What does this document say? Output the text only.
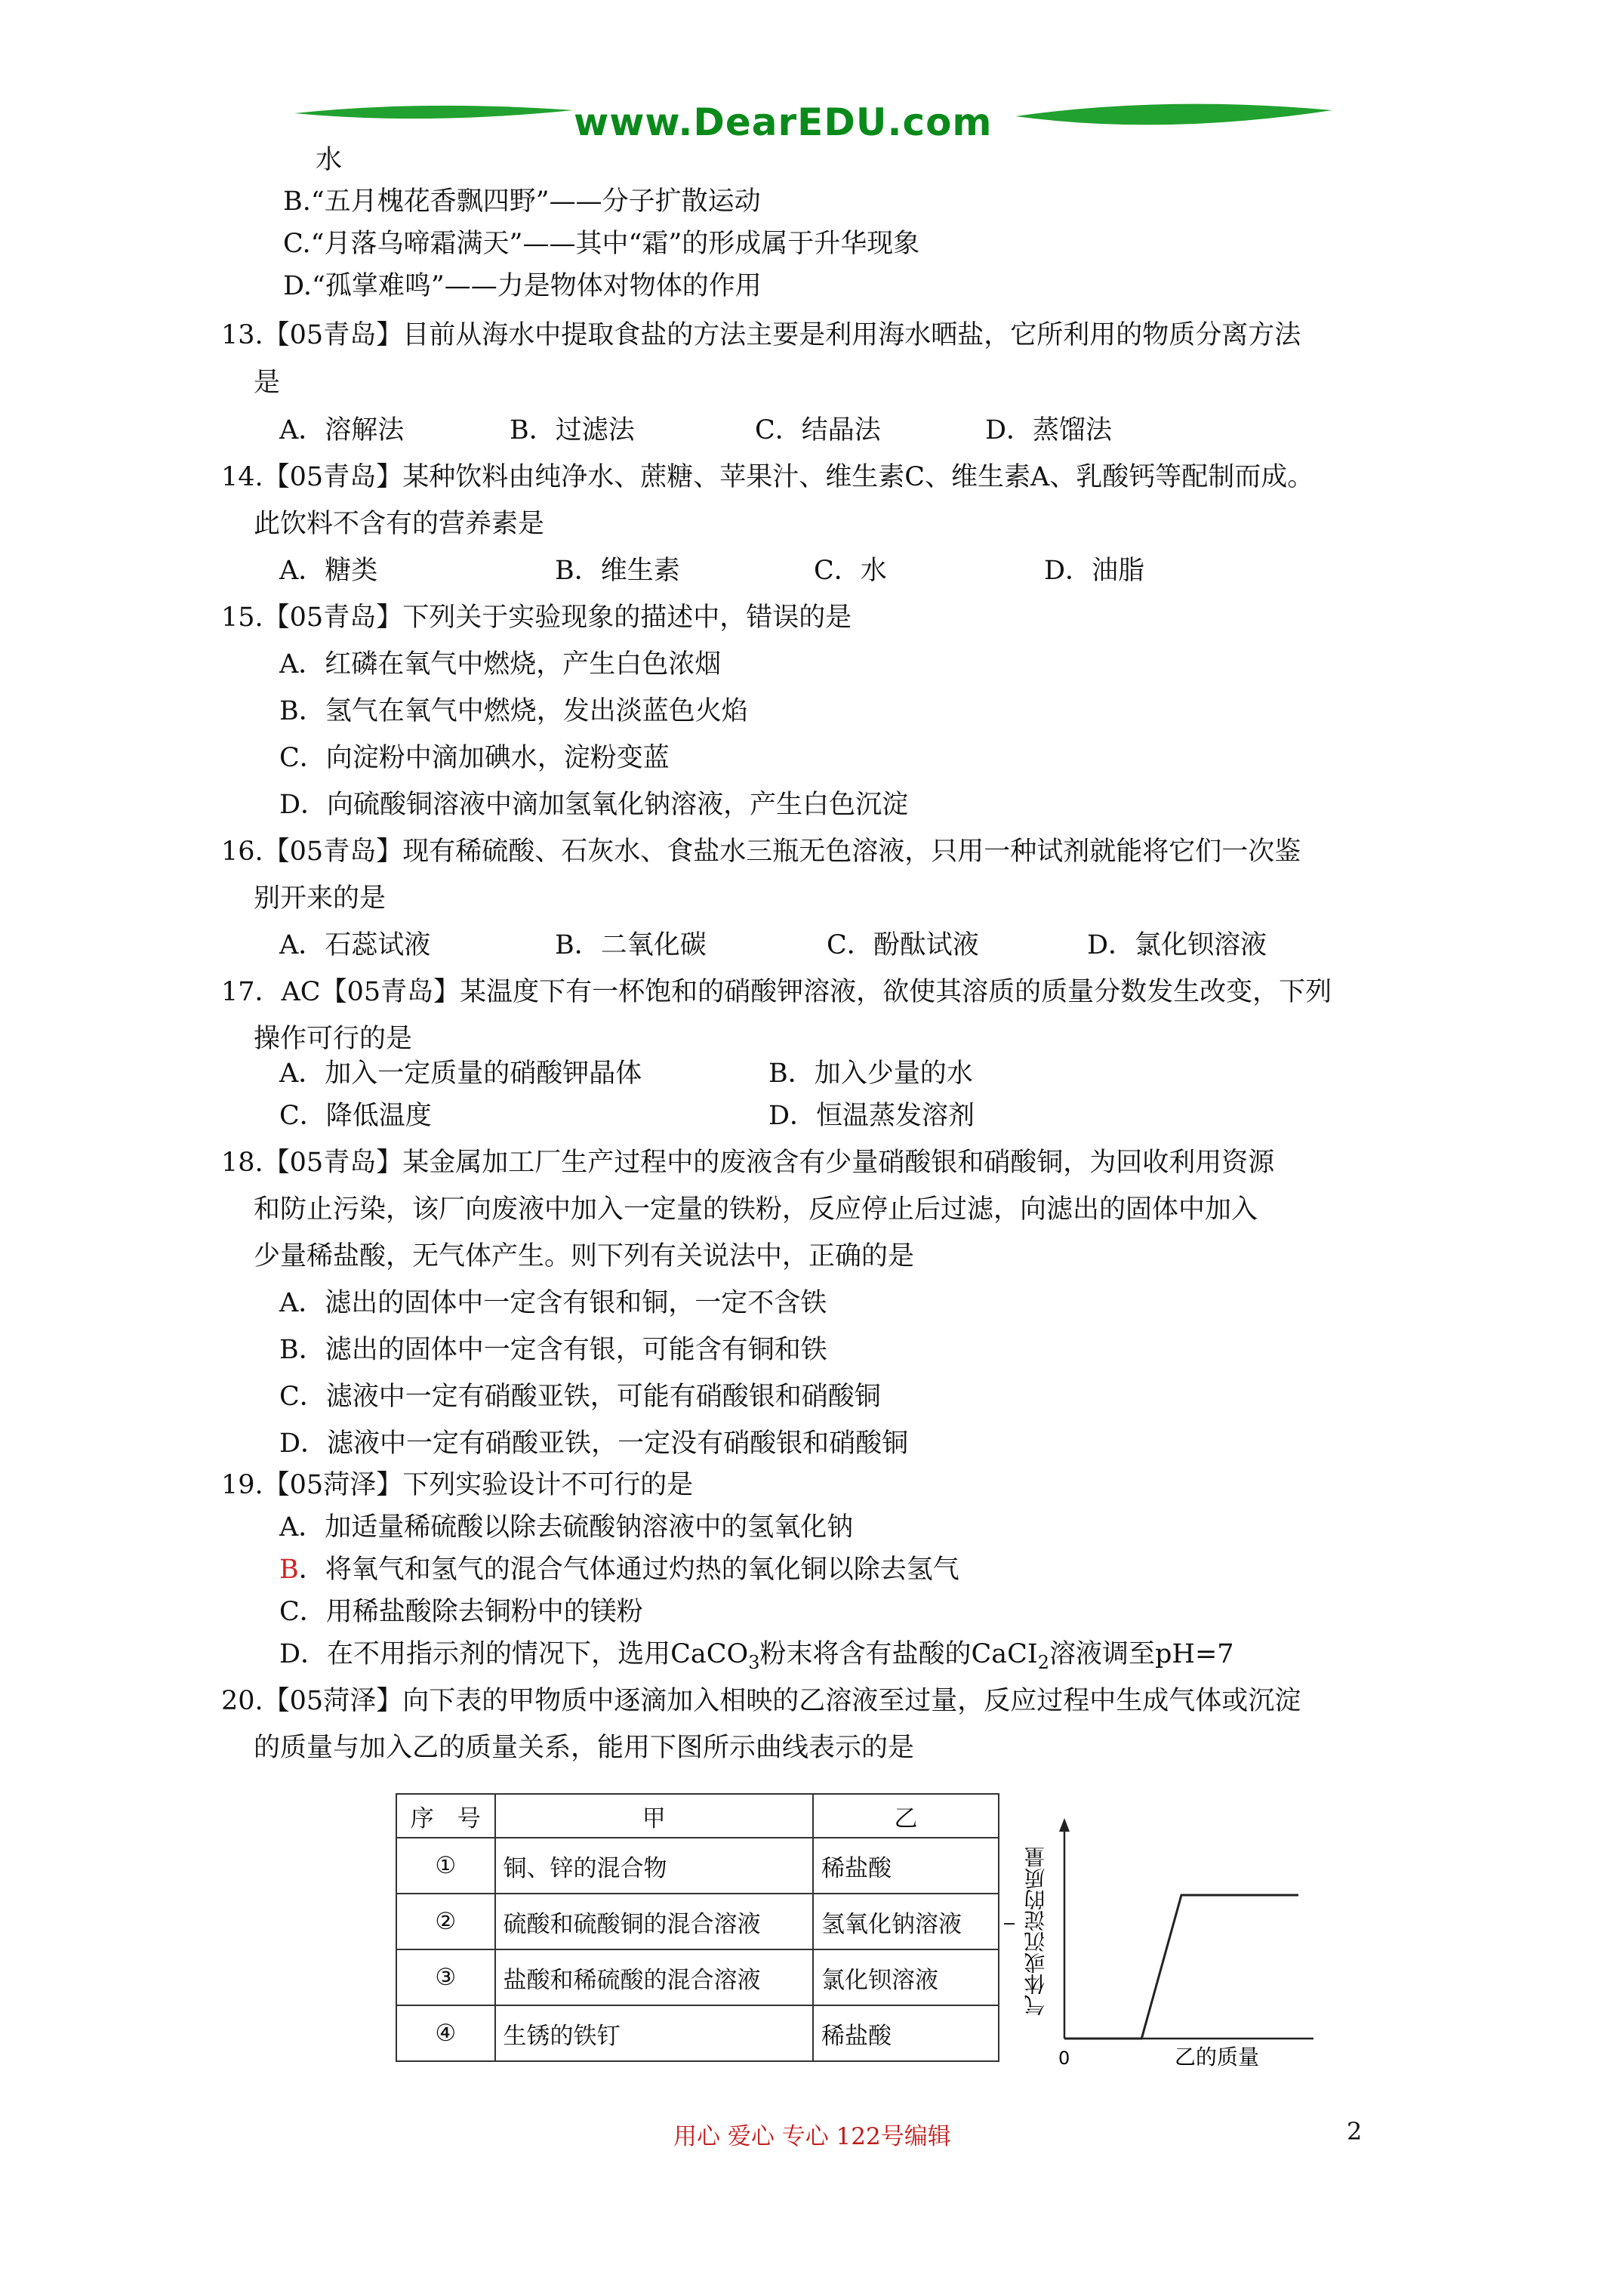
www.DearEDU.com
水
B.“五月槐花香飘四野”——分子扩散运动
C.“月落乌啼霜满天”——其中“霜”的形成属于升华现象
D.“孤掌难鸣”——力是物体对物体的作用
13.【05青岛】目前从海水中提取食盐的方法主要是利用海水晒盐，它所利用的物质分离方法
是
A．溶解法	B．过滤法	C．结晶法	D．蒸馏法
14.【05青岛】某种饮料由纯净水、蔗糖、苹果汁、维生素C、维生素A、乳酸钙等配制而成。
此饮料不含有的营养素是
A．糖类	B．维生素	C．水	D．油脂
15.【05青岛】下列关于实验现象的描述中，错误的是
A．红磷在氧气中燃烧，产生白色浓烟
B．氢气在氧气中燃烧，发出淡蓝色火焰
C．向淀粉中滴加碘水，淀粉变蓝
D．向硫酸铜溶液中滴加氢氧化钠溶液，产生白色沉淀
16.【05青岛】现有稀硫酸、石灰水、食盐水三瓶无色溶液，只用一种试剂就能将它们一次鉴
别开来的是
A．石蕊试液	B．二氧化碳	C．酚酞试液	D．氯化钡溶液
17．AC【05青岛】某温度下有一杯饱和的硝酸钾溶液，欲使其溶质的质量分数发生改变，下列
操作可行的是
A．加入一定质量的硝酸钾晶体	B．加入少量的水
C．降低温度	D．恒温蒸发溶剂
18.【05青岛】某金属加工厂生产过程中的废液含有少量硝酸银和硝酸铜，为回收利用资源
和防止污染，该厂向废液中加入一定量的铁粉，反应停止后过滤，向滤出的固体中加入
少量稀盐酸，无气体产生。则下列有关说法中，正确的是
A．滤出的固体中一定含有银和铜，一定不含铁
B．滤出的固体中一定含有银，可能含有铜和铁
C．滤液中一定有硝酸亚铁，可能有硝酸银和硝酸铜
D．滤液中一定有硝酸亚铁，一定没有硝酸银和硝酸铜
19.【05菏泽】下列实验设计不可行的是
A．加适量稀硫酸以除去硫酸钠溶液中的氢氧化钠
B．将氧气和氢气的混合气体通过灼热的氧化铜以除去氢气
C．用稀盐酸除去铜粉中的镁粉
D．在不用指示剂的情况下，选用CaCO$_3$粉末将含有盐酸的CaCI$_2$溶液调至pH=7
20.【05菏泽】向下表的甲物质中逐滴加入相映的乙溶液至过量，反应过程中生成气体或沉淀
的质量与加入乙的质量关系，能用下图所示曲线表示的是
序　号	甲	乙
①	铜、锌的混合物	稀盐酸
②	硫酸和硫酸铜的混合溶液	氢氧化钠溶液
③	盐酸和稀硫酸的混合溶液	氯化钡溶液
④	生锈的铁钉	稀盐酸
气体或沉淀的质量
0	乙的质量
用心 爱心 专心 122号编辑	2
